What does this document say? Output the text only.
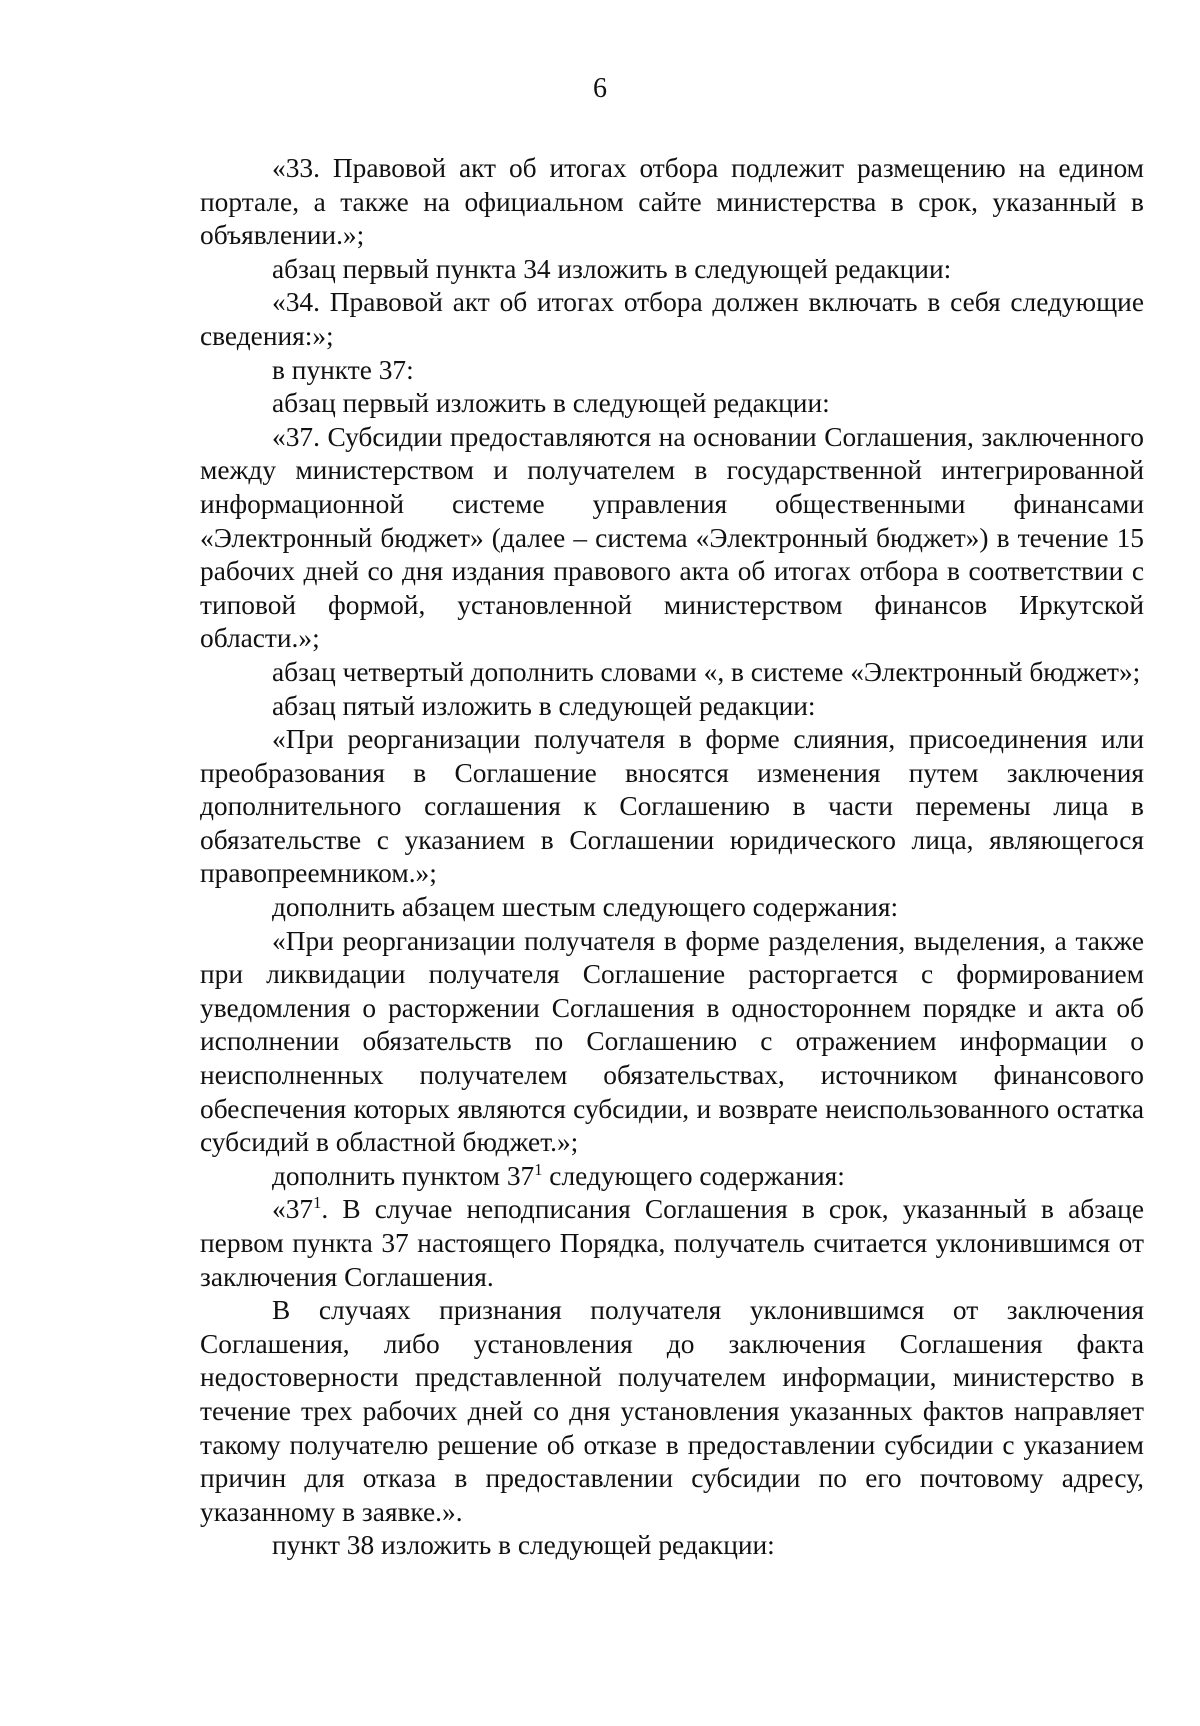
6

«33. Правовой акт об итогах отбора подлежит размещению на едином портале, а также на официальном сайте министерства в срок, указанный в объявлении.»;

абзац первый пункта 34 изложить в следующей редакции:

«34. Правовой акт об итогах отбора должен включать в себя следующие сведения:»;

в пункте 37:

абзац первый изложить в следующей редакции:

«37. Субсидии предоставляются на основании Соглашения, заключенного между министерством и получателем в государственной интегрированной информационной системе управления общественными финансами «Электронный бюджет» (далее – система «Электронный бюджет») в течение 15 рабочих дней со дня издания правового акта об итогах отбора в соответствии с типовой формой, установленной министерством финансов Иркутской области.»;

абзац четвертый дополнить словами «, в системе «Электронный бюджет»;

абзац пятый изложить в следующей редакции:

«При реорганизации получателя в форме слияния, присоединения или преобразования в Соглашение вносятся изменения путем заключения дополнительного соглашения к Соглашению в части перемены лица в обязательстве с указанием в Соглашении юридического лица, являющегося правопреемником.»;

дополнить абзацем шестым следующего содержания:

«При реорганизации получателя в форме разделения, выделения, а также при ликвидации получателя Соглашение расторгается с формированием уведомления о расторжении Соглашения в одностороннем порядке и акта об исполнении обязательств по Соглашению с отражением информации о неисполненных получателем обязательствах, источником финансового обеспечения которых являются субсидии, и возврате неиспользованного остатка субсидий в областной бюджет.»;

дополнить пунктом $37^1$ следующего содержания:

«$37^1$. В случае неподписания Соглашения в срок, указанный в абзаце первом пункта 37 настоящего Порядка, получатель считается уклонившимся от заключения Соглашения.

В случаях признания получателя уклонившимся от заключения Соглашения, либо установления до заключения Соглашения факта недостоверности представленной получателем информации, министерство в течение трех рабочих дней со дня установления указанных фактов направляет такому получателю решение об отказе в предоставлении субсидии с указанием причин для отказа в предоставлении субсидии по его почтовому адресу, указанному в заявке.».

пункт 38 изложить в следующей редакции:
